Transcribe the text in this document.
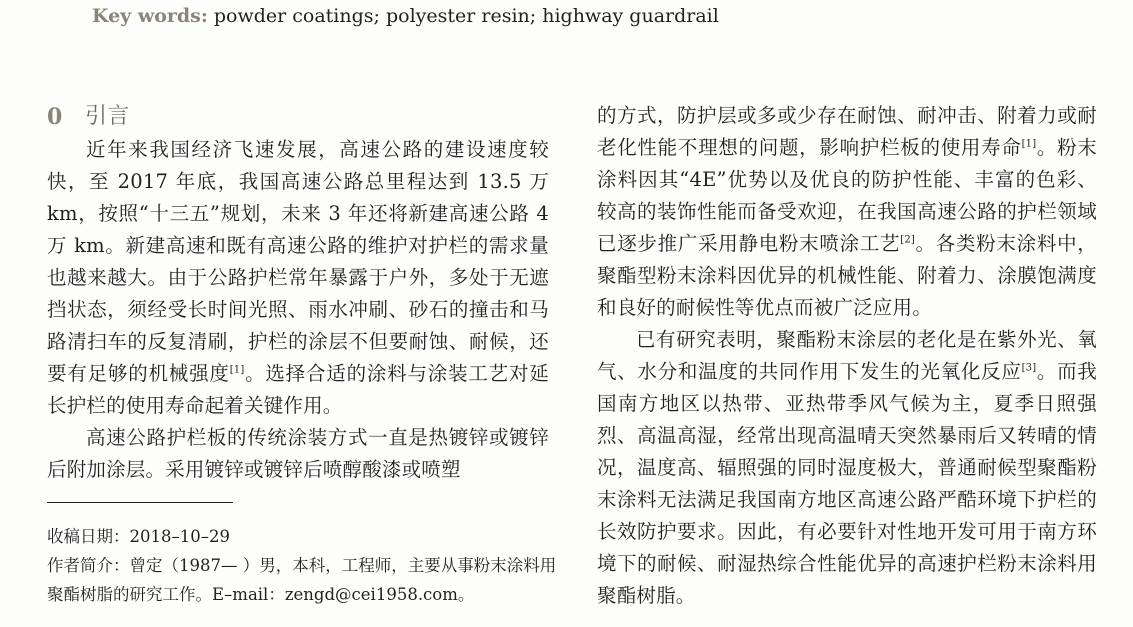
Key words: powder coatings; polyester resin; highway guardrail
0	引言

近年来我国经济飞速发展，高速公路的建设速度较快，至 2017 年底，我国高速公路总里程达到 13.5 万 km，按照“十三五”规划，未来 3 年还将新建高速公路 4 万 km。新建高速和既有高速公路的维护对护栏的需求量也越来越大。由于公路护栏常年暴露于户外，多处于无遮挡状态，须经受长时间光照、雨水冲刷、砂石的撞击和马路清扫车的反复清刷，护栏的涂层不但要耐蚀、耐候，还要有足够的机械强度[1]。选择合适的涂料与涂装工艺对延长护栏的使用寿命起着关键作用。

高速公路护栏板的传统涂装方式一直是热镀锌或镀锌后附加涂层。采用镀锌或镀锌后喷醇酸漆或喷塑

收稿日期：2018–10–29
作者简介：曾定（1987— ）男，本科，工程师，主要从事粉末涂料用聚酯树脂的研究工作。E–mail：zengd@cei1958.com。

的方式，防护层或多或少存在耐蚀、耐冲击、附着力或耐老化性能不理想的问题，影响护栏板的使用寿命[1]。粉末涂料因其“4E”优势以及优良的防护性能、丰富的色彩、较高的装饰性能而备受欢迎，在我国高速公路的护栏领域已逐步推广采用静电粉末喷涂工艺[2]。各类粉末涂料中，聚酯型粉末涂料因优异的机械性能、附着力、涂膜饱满度和良好的耐候性等优点而被广泛应用。

已有研究表明，聚酯粉末涂层的老化是在紫外光、氧气、水分和温度的共同作用下发生的光氧化反应[3]。而我国南方地区以热带、亚热带季风气候为主，夏季日照强烈、高温高湿，经常出现高温晴天突然暴雨后又转晴的情况，温度高、辐照强的同时湿度极大，普通耐候型聚酯粉末涂料无法满足我国南方地区高速公路严酷环境下护栏的长效防护要求。因此，有必要针对性地开发可用于南方环境下的耐候、耐湿热综合性能优异的高速护栏粉末涂料用聚酯树脂。
